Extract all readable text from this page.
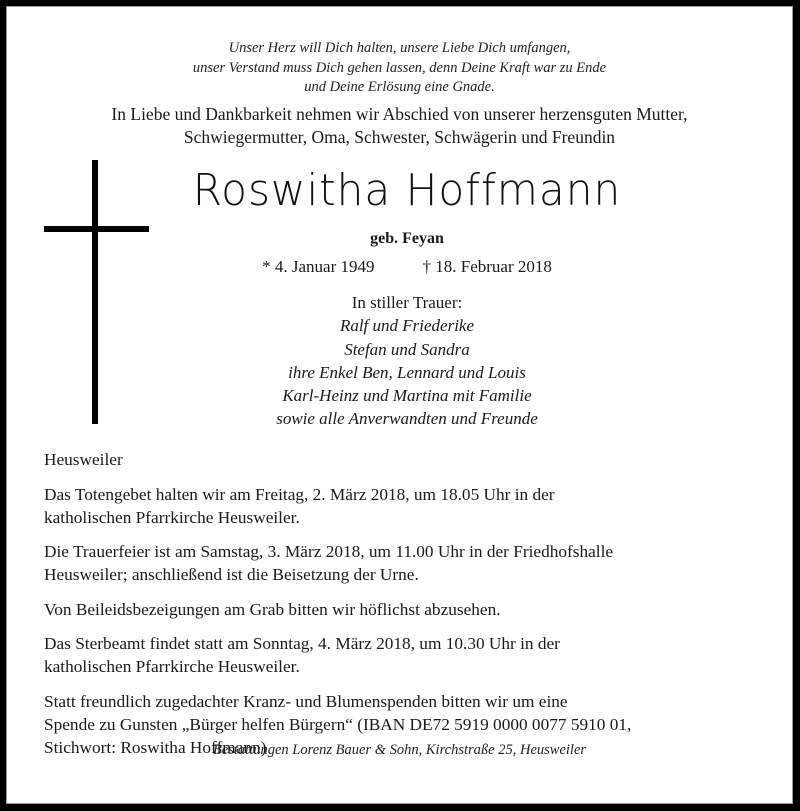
Unser Herz will Dich halten, unsere Liebe Dich umfangen,
unser Verstand muss Dich gehen lassen, denn Deine Kraft war zu Ende
und Deine Erlösung eine Gnade.
In Liebe und Dankbarkeit nehmen wir Abschied von unserer herzensguten Mutter,
Schwiegermutter, Oma, Schwester, Schwägerin und Freundin
Roswitha Hoffmann
geb. Feyan
* 4. Januar 1949	† 18. Februar 2018
In stiller Trauer:
Ralf und Friederike
Stefan und Sandra
ihre Enkel Ben, Lennard und Louis
Karl-Heinz und Martina mit Familie
sowie alle Anverwandten und Freunde

Heusweiler

Das Totengebet halten wir am Freitag, 2. März 2018, um 18.05 Uhr in der
katholischen Pfarrkirche Heusweiler.

Die Trauerfeier ist am Samstag, 3. März 2018, um 11.00 Uhr in der Friedhofshalle
Heusweiler; anschließend ist die Beisetzung der Urne.

Von Beileidsbezeigungen am Grab bitten wir höflichst abzusehen.

Das Sterbeamt findet statt am Sonntag, 4. März 2018, um 10.30 Uhr in der
katholischen Pfarrkirche Heusweiler.

Statt freundlich zugedachter Kranz- und Blumenspenden bitten wir um eine
Spende zu Gunsten „Bürger helfen Bürgern“ (IBAN DE72 5919 0000 0077 5910 01,
Stichwort: Roswitha Hoffmann)

Bestattungen Lorenz Bauer & Sohn, Kirchstraße 25, Heusweiler
